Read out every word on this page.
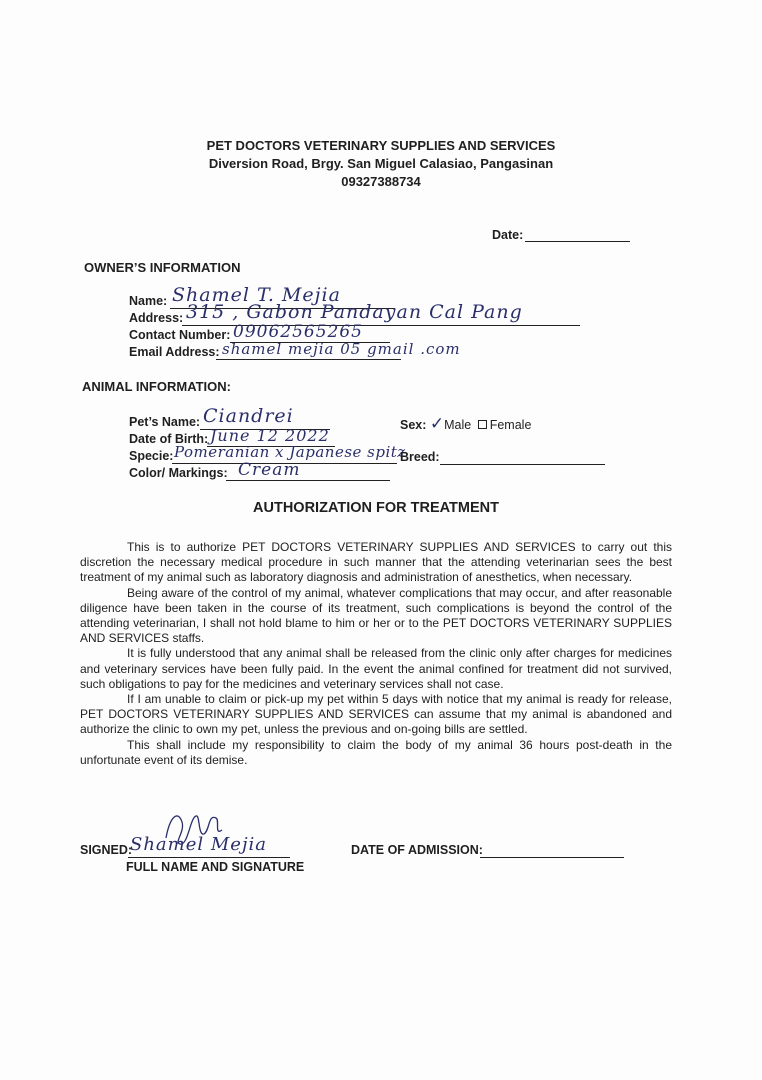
PET DOCTORS VETERINARY SUPPLIES AND SERVICES
Diversion Road, Brgy. San Miguel Calasiao, Pangasinan
09327388734
Date:
OWNER’S INFORMATION
Name: Shamel T. Mejia
Address: 315 , Gabon Pandayan Cal Pang
Contact Number: 09062565265
Email Address: shamel mejia 05 gmail .com
ANIMAL INFORMATION:
Pet’s Name: Ciandrei	Sex: ✓Male Female
Date of Birth: June 12 2022
Specie: Pomeranian x Japanese spitz
Breed:
Color/ Markings: Cream
AUTHORIZATION FOR TREATMENT

This is to authorize PET DOCTORS VETERINARY SUPPLIES AND SERVICES to carry out this discretion the necessary medical procedure in such manner that the attending veterinarian sees the best treatment of my animal such as laboratory diagnosis and administration of anesthetics, when necessary.

Being aware of the control of my animal, whatever complications that may occur, and after reasonable diligence have been taken in the course of its treatment, such complications is beyond the control of the attending veterinarian, I shall not hold blame to him or her or to the PET DOCTORS VETERINARY SUPPLIES AND SERVICES staffs.

It is fully understood that any animal shall be released from the clinic only after charges for medicines and veterinary services have been fully paid. In the event the animal confined for treatment did not survived, such obligations to pay for the medicines and veterinary services shall not case.

If I am unable to claim or pick-up my pet within 5 days with notice that my animal is ready for release, PET DOCTORS VETERINARY SUPPLIES AND SERVICES can assume that my animal is abandoned and authorize the clinic to own my pet, unless the previous and on-going bills are settled.

This shall include my responsibility to claim the body of my animal 36 hours post-death in the unfortunate event of its demise.

SIGNED:
Shamel Mejia
FULL NAME AND SIGNATURE
DATE OF ADMISSION:
